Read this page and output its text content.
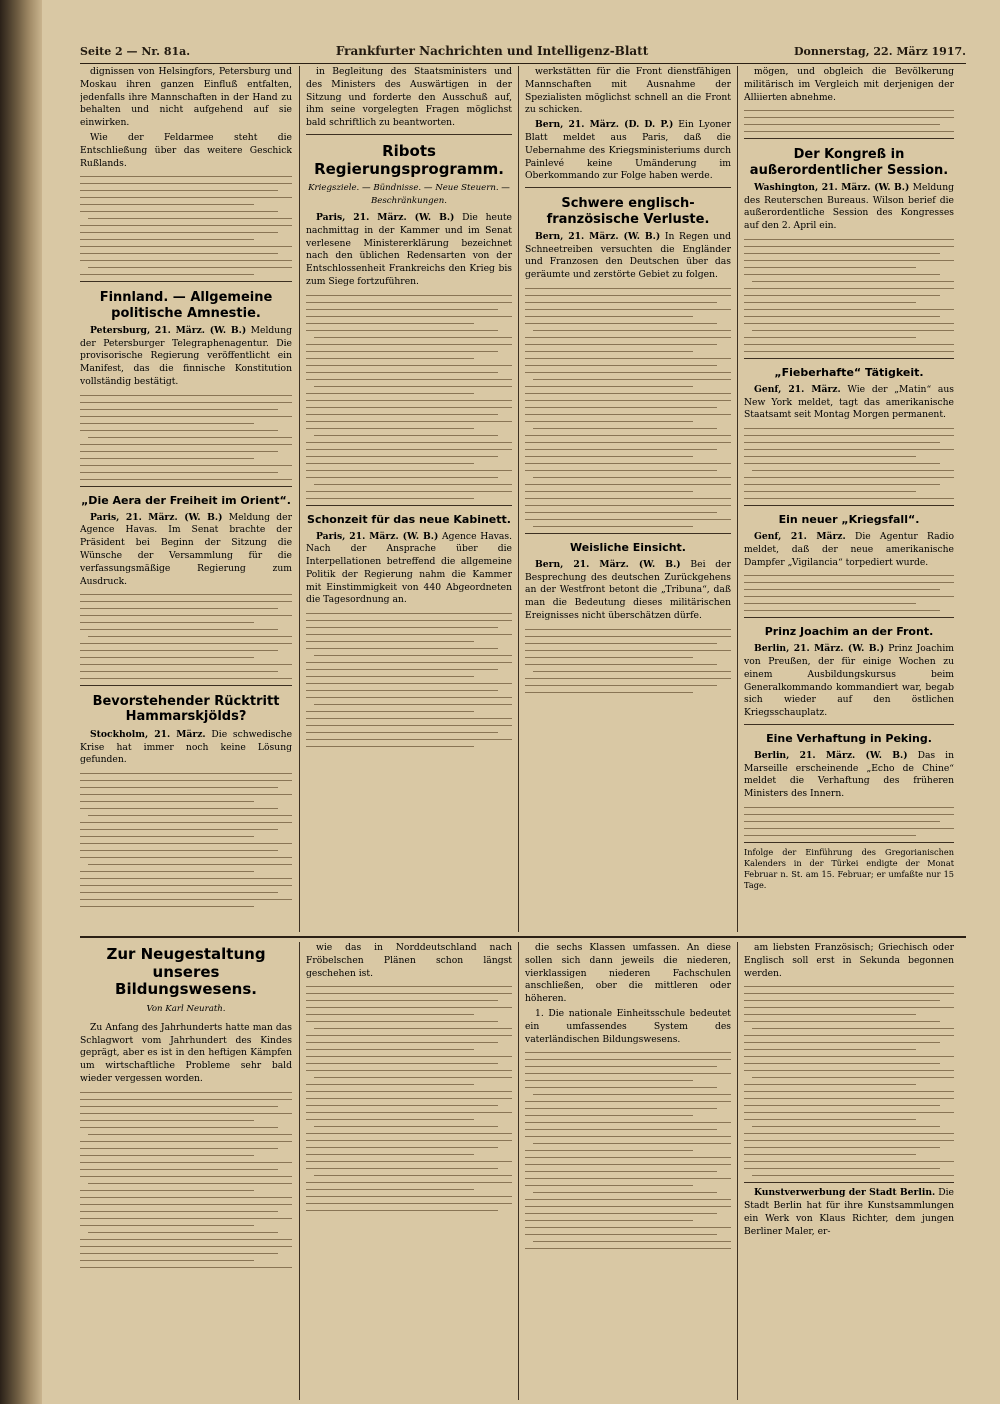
Seite 2 — Nr. 81a.	Frankfurter Nachrichten und Intelligenz-Blatt	Donnerstag, 22. März 1917.

dignissen von Helsingfors, Petersburg und Moskau ihren ganzen Einfluß entfalten, jedenfalls ihre Mannschaften in der Hand zu behalten und nicht aufgehend auf sie einwirken.

Wie der Feldarmee steht die Entschließung über das weitere Geschick Rußlands.

Finnland. — Allgemeine politische Amnestie.

Petersburg, 21. März. (W. B.) Meldung der Petersburger Telegraphenagentur. Die provisorische Regierung veröffentlicht ein Manifest, das die finnische Konstitution vollständig bestätigt.

„Die Aera der Freiheit im Orient“.

Paris, 21. März. (W. B.) Meldung der Agence Havas. Im Senat brachte der Präsident bei Beginn der Sitzung die Wünsche der Versammlung für die verfassungsmäßige Regierung zum Ausdruck.

Bevorstehender Rücktritt Hammarskjölds?

Stockholm, 21. März. Die schwedische Krise hat immer noch keine Lösung gefunden.

in Begleitung des Staatsministers und des Ministers des Auswärtigen in der Sitzung und forderte den Ausschuß auf, ihm seine vorgelegten Fragen möglichst bald schriftlich zu beantworten.

Ribots Regierungsprogramm.
Kriegsziele. — Bündnisse. — Neue Steuern. — Beschränkungen.

Paris, 21. März. (W. B.) Die heute nachmittag in der Kammer und im Senat verlesene Ministererklärung bezeichnet nach den üblichen Redensarten von der Entschlossenheit Frankreichs den Krieg bis zum Siege fortzuführen.

Schonzeit für das neue Kabinett.

Paris, 21. März. (W. B.) Agence Havas. Nach der Ansprache über die Interpellationen betreffend die allgemeine Politik der Regierung nahm die Kammer mit Einstimmigkeit von 440 Abgeordneten die Tagesordnung an.

werkstätten für die Front dienstfähigen Mannschaften mit Ausnahme der Spezialisten möglichst schnell an die Front zu schicken.

Bern, 21. März. (D. D. P.) Ein Lyoner Blatt meldet aus Paris, daß die Uebernahme des Kriegsministeriums durch Painlevé keine Umänderung im Oberkommando zur Folge haben werde.

Schwere englisch-französische Verluste.

Bern, 21. März. (W. B.) In Regen und Schneetreiben versuchten die Engländer und Franzosen den Deutschen über das geräumte und zerstörte Gebiet zu folgen.

Weisliche Einsicht.

Bern, 21. März. (W. B.) Bei der Besprechung des deutschen Zurückgehens an der Westfront betont die „Tribuna“, daß man die Bedeutung dieses militärischen Ereignisses nicht überschätzen dürfe.

mögen, und obgleich die Bevölkerung militärisch im Vergleich mit derjenigen der Alliierten abnehme.

Der Kongreß in außerordentlicher Session.

Washington, 21. März. (W. B.) Meldung des Reuterschen Bureaus. Wilson berief die außerordentliche Session des Kongresses auf den 2. April ein.

„Fieberhafte“ Tätigkeit.

Genf, 21. März. Wie der „Matin“ aus New York meldet, tagt das amerikanische Staatsamt seit Montag Morgen permanent.

Ein neuer „Kriegsfall“.

Genf, 21. März. Die Agentur Radio meldet, daß der neue amerikanische Dampfer „Vigilancia“ torpediert wurde.

Prinz Joachim an der Front.

Berlin, 21. März. (W. B.) Prinz Joachim von Preußen, der für einige Wochen zu einem Ausbildungskursus beim Generalkommando kommandiert war, begab sich wieder auf den östlichen Kriegsschauplatz.

Eine Verhaftung in Peking.

Berlin, 21. März. (W. B.) Das in Marseille erscheinende „Echo de Chine“ meldet die Verhaftung des früheren Ministers des Innern.

Infolge der Einführung des Gregorianischen Kalenders in der Türkei endigte der Monat Februar n. St. am 15. Februar; er umfaßte nur 15 Tage.
Zur Neugestaltung unseres Bildungswesens.
Von Karl Neurath.

Zu Anfang des Jahrhunderts hatte man das Schlagwort vom Jahrhundert des Kindes geprägt, aber es ist in den heftigen Kämpfen um wirtschaftliche Probleme sehr bald wieder vergessen worden.

wie das in Norddeutschland nach Fröbelschen Plänen schon längst geschehen ist.

die sechs Klassen umfassen. An diese sollen sich dann jeweils die niederen, vierklassigen niederen Fachschulen anschließen, ober die mittleren oder höheren.

1. Die nationale Einheitsschule bedeutet ein umfassendes System des vaterländischen Bildungswesens.

am liebsten Französisch; Griechisch oder Englisch soll erst in Sekunda begonnen werden.

Kunstverwerbung der Stadt Berlin. Die Stadt Berlin hat für ihre Kunstsammlungen ein Werk von Klaus Richter, dem jungen Berliner Maler, er-
